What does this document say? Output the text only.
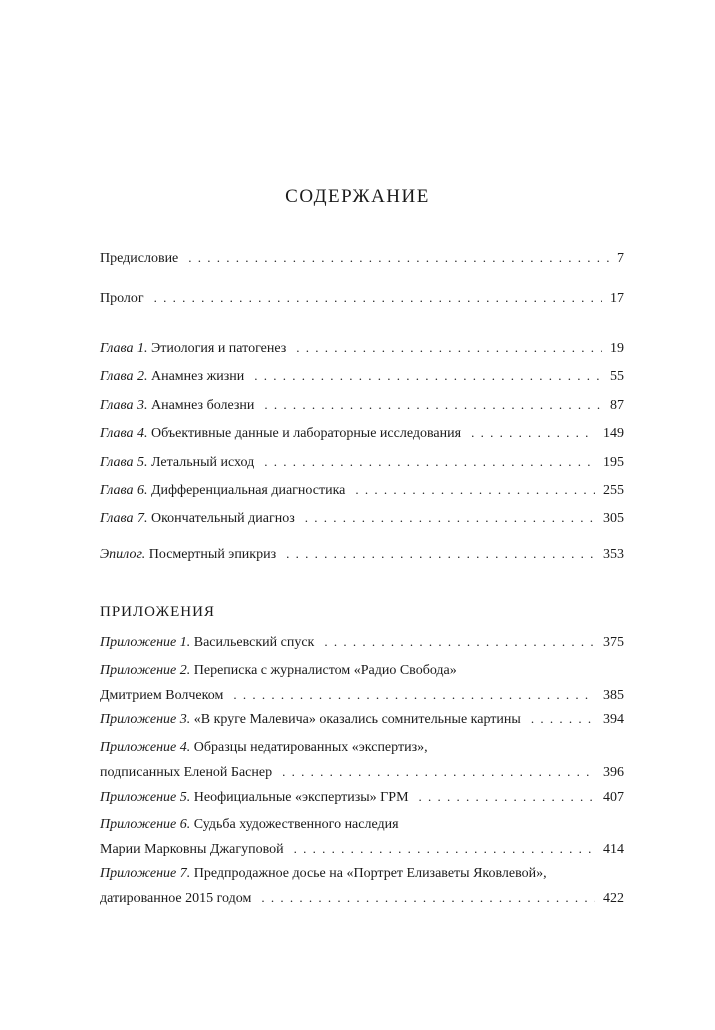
СОДЕРЖАНИЕ
Предисловие . . .	7
Пролог . . .	17
Глава 1. Этиология и патогенез . . .	19
Глава 2. Анамнез жизни . . .	55
Глава 3. Анамнез болезни . . .	87
Глава 4. Объективные данные и лабораторные исследования . . .	149
Глава 5. Летальный исход . . .	195
Глава 6. Дифференциальная диагностика . . .	255
Глава 7. Окончательный диагноз . . .	305
Эпилог. Посмертный эпикриз . . .	353
ПРИЛОЖЕНИЯ
Приложение 1. Васильевский спуск . . .	375
Приложение 2. Переписка с журналистом «Радио Свобода»
Дмитрием Волчеком . . .	385
Приложение 3. «В круге Малевича» оказались сомнительные картины . . .	394
Приложение 4. Образцы недатированных «экспертиз»,
подписанных Еленой Баснер . . .	396
Приложение 5. Неофициальные «экспертизы» ГРМ . . .	407
Приложение 6. Судьба художественного наследия
Марии Марковны Джагуповой . . .	414
Приложение 7. Предпродажное досье на «Портрет Елизаветы Яковлевой»,
датированное 2015 годом . . .	422
